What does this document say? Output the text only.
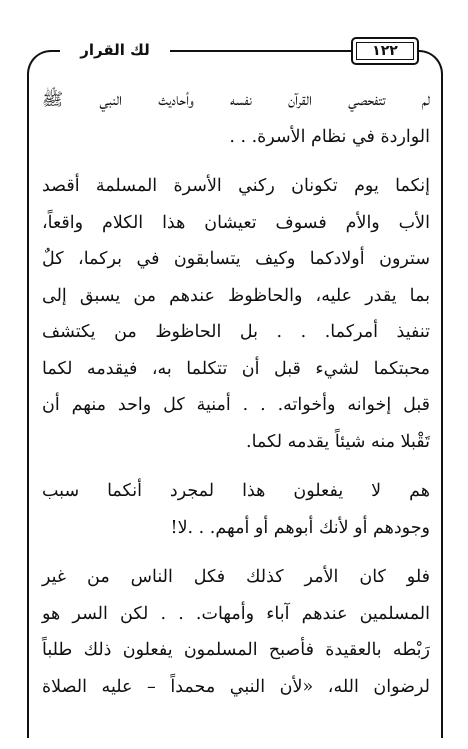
١٢٢
لك القرار
لم تتفحصي القرآن نفسه وأحاديث النبي ﷺ
الواردة في نظام الأسرة. . .
إنكما يوم تكونان ركني الأسرة المسلمة أقصد
الأب والأم فسوف تعيشان هذا الكلام واقعاً،
سترون أولادكما وكيف يتسابقون في بركما، كلٌ
بما يقدر عليه، والحاظوظ عندهم من يسبق إلى
تنفيذ أمركما. . . بل الحاظوظ من يكتشف
محبتكما لشيء قبل أن تتكلما به، فيقدمه لكما
قبل إخوانه وأخواته. . . أمنية كل واحد منهم أن
تَقْبلا منه شيئاً يقدمه لكما.
هم لا يفعلون هذا لمجرد أنكما سبب
وجودهم أو لأنك أبوهم أو أمهم. . .لا!
فلو كان الأمر كذلك فكل الناس من غير
المسلمين عندهم آباء وأمهات. . . لكن السر هو
رَبْطه بالعقيدة فأصبح المسلمون يفعلون ذلك طلباً
لرضوان الله، «لأن النبي محمداً – عليه الصلاة
